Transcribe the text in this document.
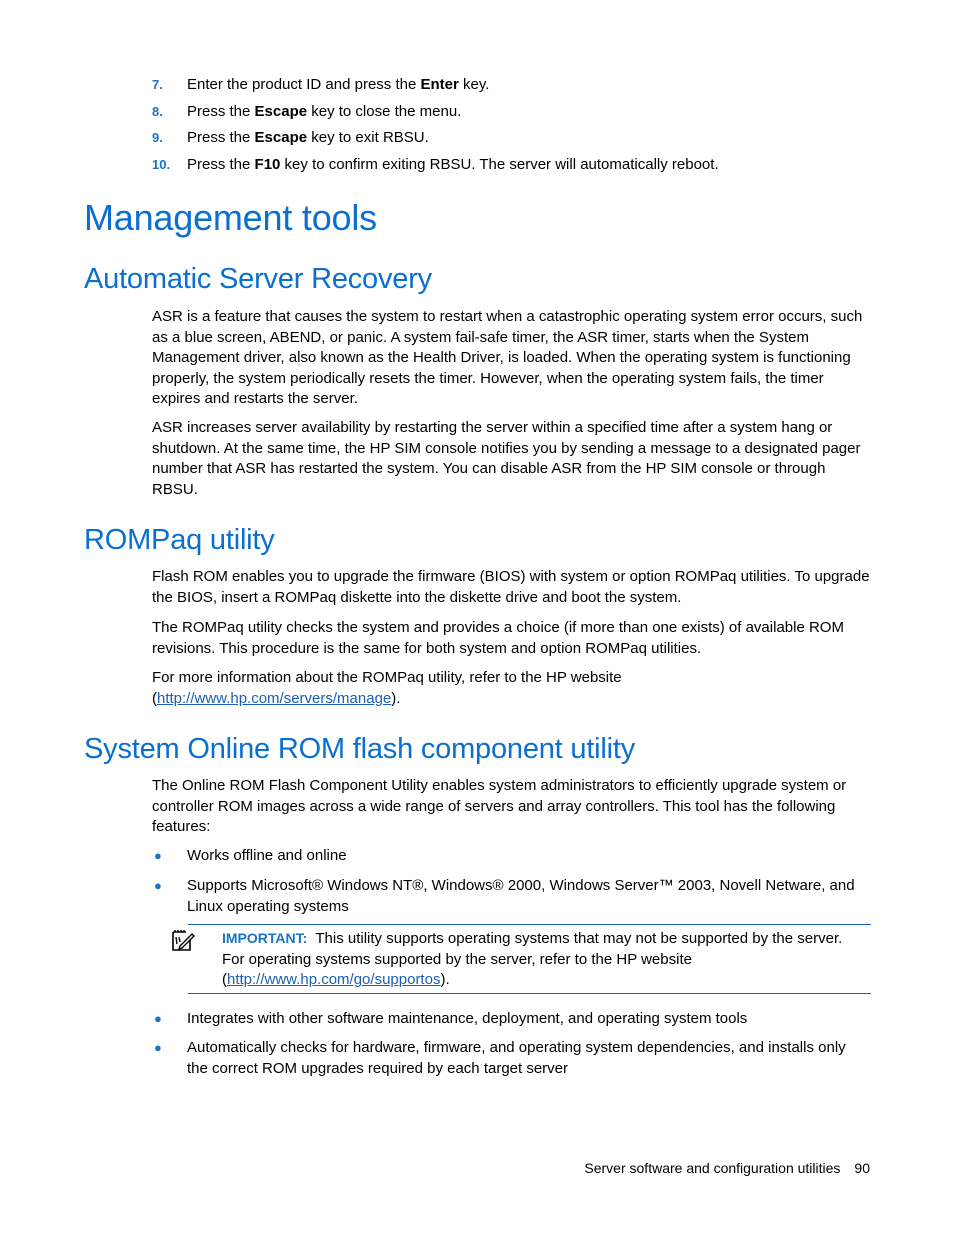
7. Enter the product ID and press the Enter key.
8. Press the Escape key to close the menu.
9. Press the Escape key to exit RBSU.
10. Press the F10 key to confirm exiting RBSU. The server will automatically reboot.
Management tools
Automatic Server Recovery

ASR is a feature that causes the system to restart when a catastrophic operating system error occurs, such as a blue screen, ABEND, or panic. A system fail-safe timer, the ASR timer, starts when the System Management driver, also known as the Health Driver, is loaded. When the operating system is functioning properly, the system periodically resets the timer. However, when the operating system fails, the timer expires and restarts the server.

ASR increases server availability by restarting the server within a specified time after a system hang or shutdown. At the same time, the HP SIM console notifies you by sending a message to a designated pager number that ASR has restarted the system. You can disable ASR from the HP SIM console or through RBSU.

ROMPaq utility

Flash ROM enables you to upgrade the firmware (BIOS) with system or option ROMPaq utilities. To upgrade the BIOS, insert a ROMPaq diskette into the diskette drive and boot the system.

The ROMPaq utility checks the system and provides a choice (if more than one exists) of available ROM revisions. This procedure is the same for both system and option ROMPaq utilities.

For more information about the ROMPaq utility, refer to the HP website
(http://www.hp.com/servers/manage).

System Online ROM flash component utility

The Online ROM Flash Component Utility enables system administrators to efficiently upgrade system or controller ROM images across a wide range of servers and array controllers. This tool has the following features:

● Works offline and online
● Supports Microsoft® Windows NT®, Windows® 2000, Windows Server™ 2003, Novell Netware, and Linux operating systems
IMPORTANT: This utility supports operating systems that may not be supported by the server. For operating systems supported by the server, refer to the HP website
(http://www.hp.com/go/supportos).
● Integrates with other software maintenance, deployment, and operating system tools
● Automatically checks for hardware, firmware, and operating system dependencies, and installs only the correct ROM upgrades required by each target server
Server software and configuration utilities 90
